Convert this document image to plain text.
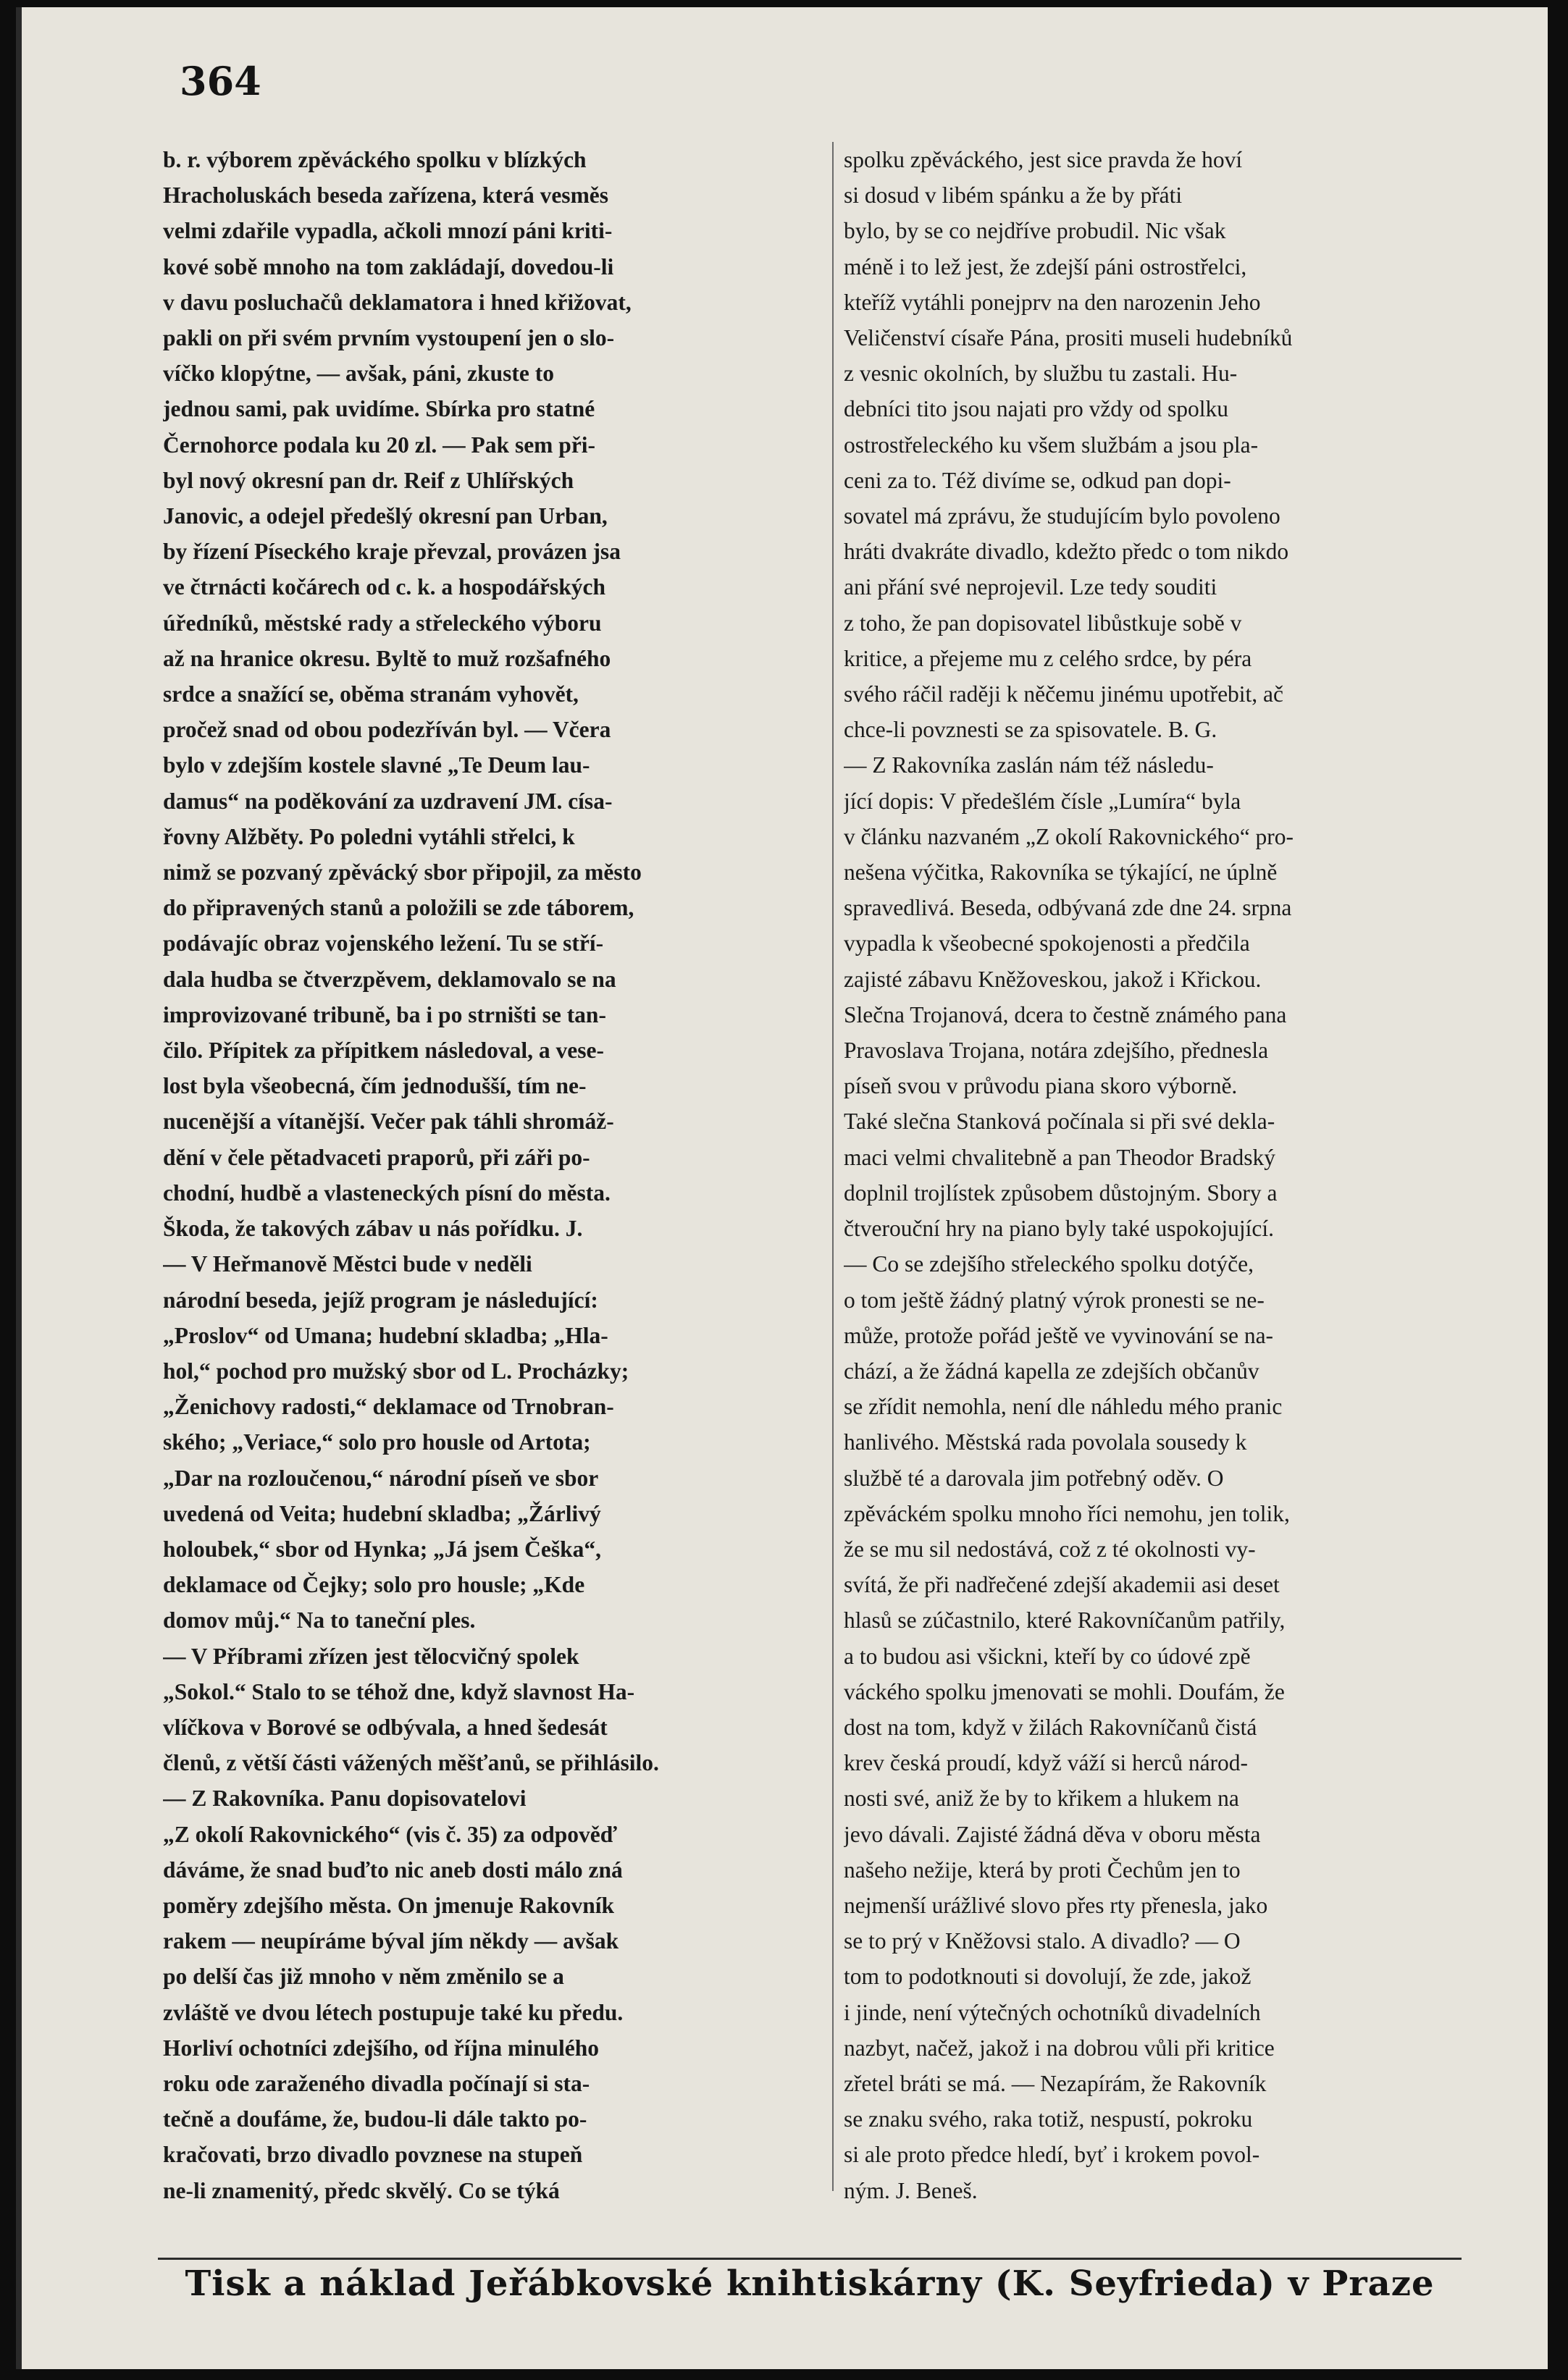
364
b. r. výborem zpěváckého spolku v blízkých
Hracholuskách beseda zařízena, která vesměs
velmi zdařile vypadla, ačkoli mnozí páni kriti-
kové sobě mnoho na tom zakládají, dovedou-li
v davu posluchačů deklamatora i hned křižovat,
pakli on při svém prvním vystoupení jen o slo-
víčko klopýtne, — avšak, páni, zkuste to
jednou sami, pak uvidíme. Sbírka pro statné
Černohorce podala ku 20 zl. — Pak sem při-
byl nový okresní pan dr. Reif z Uhlířských
Janovic, a odejel předešlý okresní pan Urban,
by řízení Píseckého kraje převzal, provázen jsa
ve čtrnácti kočárech od c. k. a hospodářských
úředníků, městské rady a střeleckého výboru
až na hranice okresu. Byltě to muž rozšafného
srdce a snažící se, oběma stranám vyhovět,
pročež snad od obou podezříván byl. — Včera
bylo v zdejším kostele slavné „Te Deum lau-
damus“ na poděkování za uzdravení JM. císa-
řovny Alžběty. Po poledni vytáhli střelci, k
nimž se pozvaný zpěvácký sbor připojil, za město
do připravených stanů a položili se zde táborem,
podávajíc obraz vojenského ležení. Tu se stří-
dala hudba se čtverzpěvem, deklamovalo se na
improvizované tribuně, ba i po strništi se tan-
čilo. Přípitek za přípitkem následoval, a vese-
lost byla všeobecná, čím jednodušší, tím ne-
nucenější a vítanější. Večer pak táhli shromáž-
dění v čele pětadvaceti praporů, při záři po-
chodní, hudbě a vlasteneckých písní do města.
Škoda, že takových zábav u nás pořídku. J.
— V Heřmanově Městci bude v neděli
národní beseda, jejíž program je následující:
„Proslov“ od Umana; hudební skladba; „Hla-
hol,“ pochod pro mužský sbor od L. Procházky;
„Ženichovy radosti,“ deklamace od Trnobran-
ského; „Veriace,“ solo pro housle od Artota;
„Dar na rozloučenou,“ národní píseň ve sbor
uvedená od Veita; hudební skladba; „Žárlivý
holoubek,“ sbor od Hynka; „Já jsem Češka“,
deklamace od Čejky; solo pro housle; „Kde
domov můj.“ Na to taneční ples.
— V Příbrami zřízen jest tělocvičný spolek
„Sokol.“ Stalo to se téhož dne, když slavnost Ha-
vlíčkova v Borové se odbývala, a hned šedesát
členů, z větší části vážených měšťanů, se přihlásilo.
— Z Rakovníka. Panu dopisovatelovi
„Z okolí Rakovnického“ (vis č. 35) za odpověď
dáváme, že snad buďto nic aneb dosti málo zná
poměry zdejšího města. On jmenuje Rakovník
rakem — neupíráme býval jím někdy — avšak
po delší čas již mnoho v něm změnilo se a
zvláště ve dvou létech postupuje také ku předu.
Horliví ochotníci zdejšího, od října minulého
roku ode zaraženého divadla počínají si sta-
tečně a doufáme, že, budou-li dále takto po-
kračovati, brzo divadlo povznese na stupeň
ne-li znamenitý, předc skvělý. Co se týká
spolku zpěváckého, jest sice pravda že hoví
si dosud v libém spánku a že by přáti
bylo, by se co nejdříve probudil. Nic však
méně i to lež jest, že zdejší páni ostrostřelci,
kteříž vytáhli ponejprv na den narozenin Jeho
Veličenství císaře Pána, prositi museli hudebníků
z vesnic okolních, by službu tu zastali. Hu-
debníci tito jsou najati pro vždy od spolku
ostrostřeleckého ku všem službám a jsou pla-
ceni za to. Též divíme se, odkud pan dopi-
sovatel má zprávu, že studujícím bylo povoleno
hráti dvakráte divadlo, kdežto předc o tom nikdo
ani přání své neprojevil. Lze tedy souditi
z toho, že pan dopisovatel libůstkuje sobě v
kritice, a přejeme mu z celého srdce, by péra
svého ráčil raději k něčemu jinému upotřebit, ač
chce-li povznesti se za spisovatele. B. G.
— Z Rakovníka zaslán nám též následu-
jící dopis: V předešlém čísle „Lumíra“ byla
v článku nazvaném „Z okolí Rakovnického“ pro-
nešena výčitka, Rakovníka se týkající, ne úplně
spravedlivá. Beseda, odbývaná zde dne 24. srpna
vypadla k všeobecné spokojenosti a předčila
zajisté zábavu Kněžoveskou, jakož i Křickou.
Slečna Trojanová, dcera to čestně známého pana
Pravoslava Trojana, notára zdejšího, přednesla
píseň svou v průvodu piana skoro výborně.
Také slečna Stanková počínala si při své dekla-
maci velmi chvalitebně a pan Theodor Bradský
doplnil trojlístek způsobem důstojným. Sbory a
čtverouční hry na piano byly také uspokojující.
— Co se zdejšího střeleckého spolku dotýče,
o tom ještě žádný platný výrok pronesti se ne-
může, protože pořád ještě ve vyvinování se na-
chází, a že žádná kapella ze zdejších občanův
se zřídit nemohla, není dle náhledu mého pranic
hanlivého. Městská rada povolala sousedy k
službě té a darovala jim potřebný oděv. O
zpěváckém spolku mnoho říci nemohu, jen tolik,
že se mu sil nedostává, což z té okolnosti vy-
svítá, že při nadřečené zdejší akademii asi deset
hlasů se zúčastnilo, které Rakovníčanům patřily,
a to budou asi všickni, kteří by co údové zpě
váckého spolku jmenovati se mohli. Doufám, že
dost na tom, když v žilách Rakovníčanů čistá
krev česká proudí, když váží si herců národ-
nosti své, aniž že by to křikem a hlukem na
jevo dávali. Zajisté žádná děva v oboru města
našeho nežije, která by proti Čechům jen to
nejmenší urážlivé slovo přes rty přenesla, jako
se to prý v Kněžovsi stalo. A divadlo? — O
tom to podotknouti si dovolují, že zde, jakož
i jinde, není výtečných ochotníků divadelních
nazbyt, načež, jakož i na dobrou vůli při kritice
zřetel bráti se má. — Nezapírám, že Rakovník
se znaku svého, raka totiž, nespustí, pokroku
si ale proto předce hledí, byť i krokem povol-
ným. J. Beneš.
Tisk a náklad Jeřábkovské knihtiskárny (K. Seyfrieda) v Praze
